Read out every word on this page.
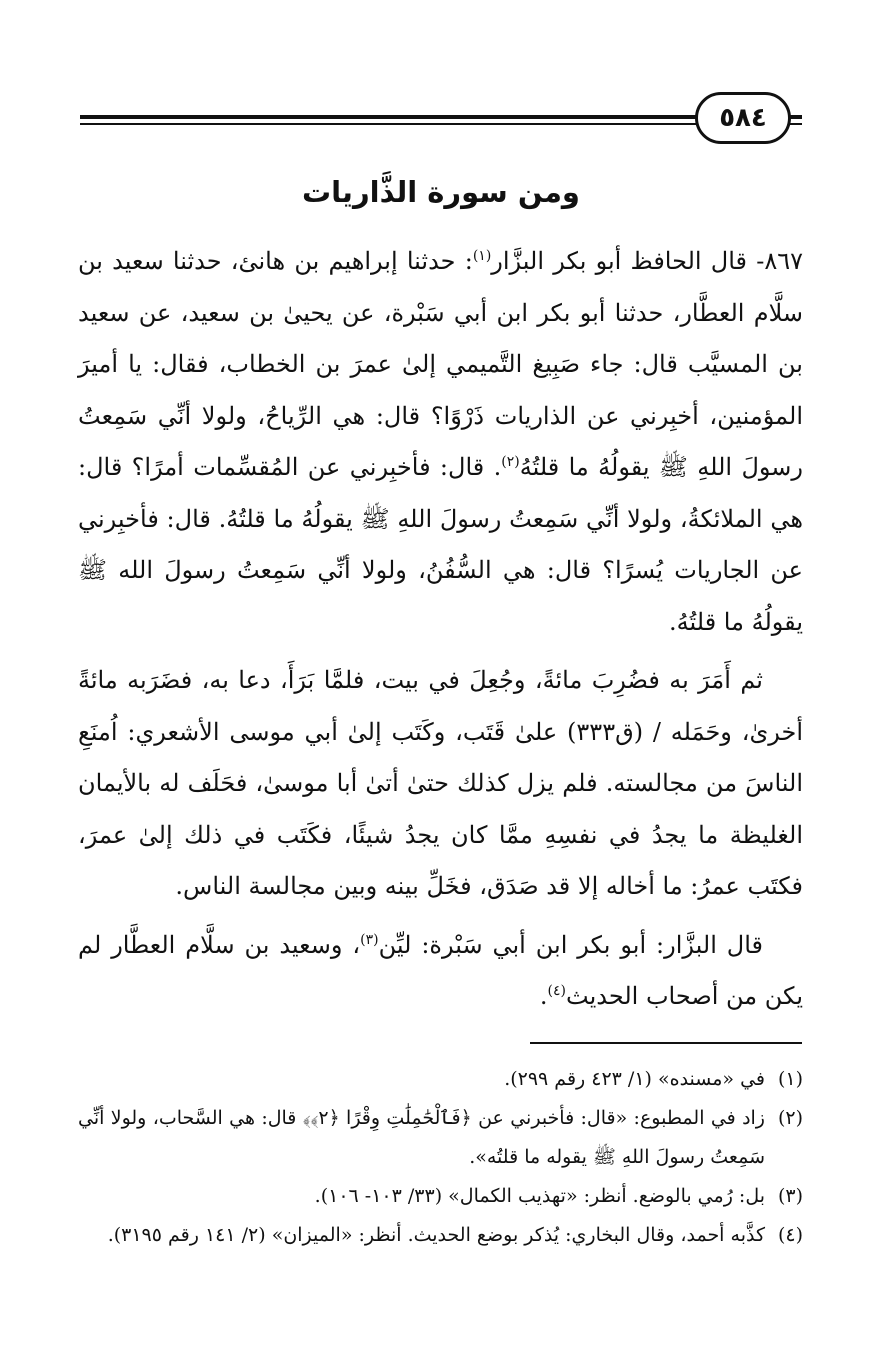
٥٨٤
ومن سورة الذَّاريات

٨٦٧- قال الحافظ أبو بكر البزَّار$^{(١)}$: حدثنا إبراهيم بن هانئ، حدثنا سعيد بن سلَّام العطَّار، حدثنا أبو بكر ابن أبي سَبْرة، عن يحيىٰ بن سعيد، عن سعيد بن المسيَّب قال: جاء صَبِيغ التَّميمي إلىٰ عمرَ بن الخطاب، فقال: يا أميرَ المؤمنين، أخبِرني عن الذاريات ذَرْوًا؟ قال: هي الرِّياحُ، ولولا أنِّي سَمِعتُ رسولَ اللهِ ﷺ يقولُهُ ما قلتُهُ$^{(٢)}$. قال: فأخبِرني عن المُقسِّمات أمرًا؟ قال: هي الملائكةُ، ولولا أنِّي سَمِعتُ رسولَ اللهِ ﷺ يقولُهُ ما قلتُهُ. قال: فأخبِرني عن الجاريات يُسرًا؟ قال: هي السُّفُنُ، ولولا أنِّي سَمِعتُ رسولَ الله ﷺ يقولُهُ ما قلتُهُ.

ثم أَمَرَ به فضُرِبَ مائةً، وجُعِلَ في بيت، فلمَّا بَرَأَ، دعا به، فضَرَبه مائةً أخرىٰ، وحَمَله / (ق٣٣٣) علىٰ قَتَب، وكَتَب إلىٰ أبي موسى الأشعري: اُمنَعِ الناسَ من مجالسته. فلم يزل كذلك حتىٰ أتىٰ أبا موسىٰ، فحَلَف له بالأيمان الغليظة ما يجدُ في نفسِهِ ممَّا كان يجدُ شيئًا، فكَتَب في ذلك إلىٰ عمرَ، فكتَب عمرُ: ما أخاله إلا قد صَدَق، فخَلِّ بينه وبين مجالسة الناس.

قال البزَّار: أبو بكر ابن أبي سَبْرة: ليِّن$^{(٣)}$، وسعيد بن سلَّام العطَّار لم يكن من أصحاب الحديث$^{(٤)}$.

(١)
في «مسنده» (١/ ٤٢٣ رقم ٢٩٩).
(٢)
زاد في المطبوع: «قال: فأخبرني عن ﴿فَٱلْحَٰمِلَٰتِ وِقْرًا ﴿٢﴾﴾ قال: هي السَّحاب، ولولا أنِّي سَمِعتُ رسولَ اللهِ ﷺ يقوله ما قلتُه».
(٣)
بل: رُمي بالوضع. أنظر: «تهذيب الكمال» (٣٣/ ١٠٣- ١٠٦).
(٤)
كذَّبه أحمد، وقال البخاري: يُذكر بوضع الحديث. أنظر: «الميزان» (٢/ ١٤١ رقم ٣١٩٥).
